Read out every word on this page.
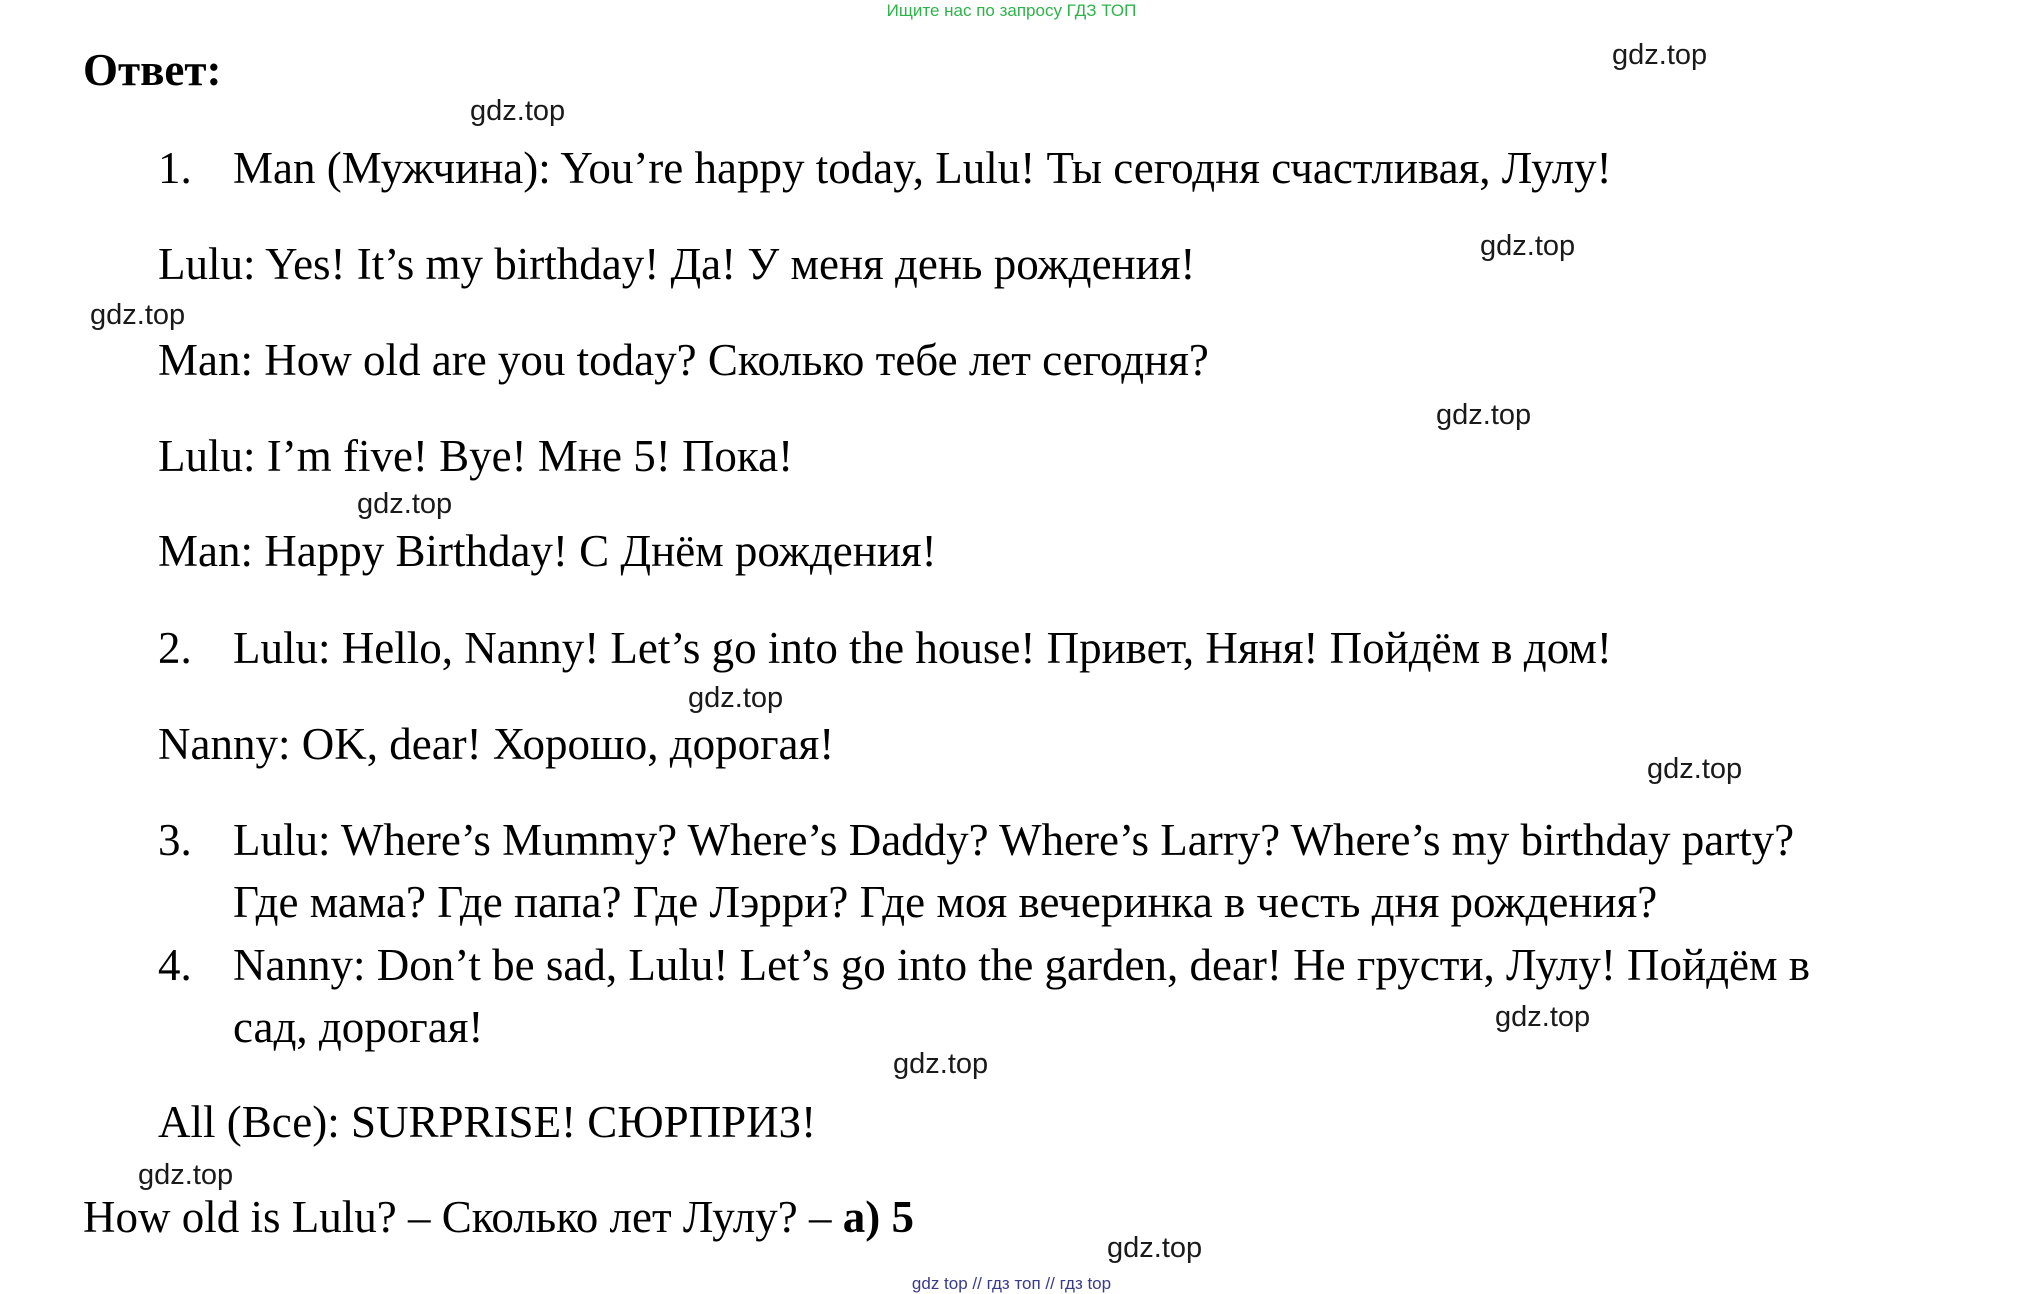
Ищите нас по запросу ГДЗ ТОП
Ответ:
1. Man (Мужчина): You’re happy today, Lulu! Ты сегодня счастливая, Лулу!
Lulu: Yes! It’s my birthday! Да! У меня день рождения!
Man: How old are you today? Сколько тебе лет сегодня?
Lulu: I’m five! Bye! Мне 5! Пока!
Man: Happy Birthday! С Днём рождения!
2. Lulu: Hello, Nanny! Let’s go into the house! Привет, Няня! Пойдём в дом!
Nanny: OK, dear! Хорошо, дорогая!
3. Lulu: Where’s Mummy? Where’s Daddy? Where’s Larry? Where’s my birthday party?
Где мама? Где папа? Где Лэрри? Где моя вечеринка в честь дня рождения?
4. Nanny: Don’t be sad, Lulu! Let’s go into the garden, dear! Не грусти, Лулу! Пойдём в
сад, дорогая!
All (Все): SURPRISE! СЮРПРИЗ!
How old is Lulu? – Сколько лет Лулу? – а) 5
gdz.top
gdz.top
gdz.top
gdz.top
gdz.top
gdz.top
gdz.top
gdz.top
gdz.top
gdz.top
gdz.top
gdz.top
gdz top // гдз топ // гдз top
